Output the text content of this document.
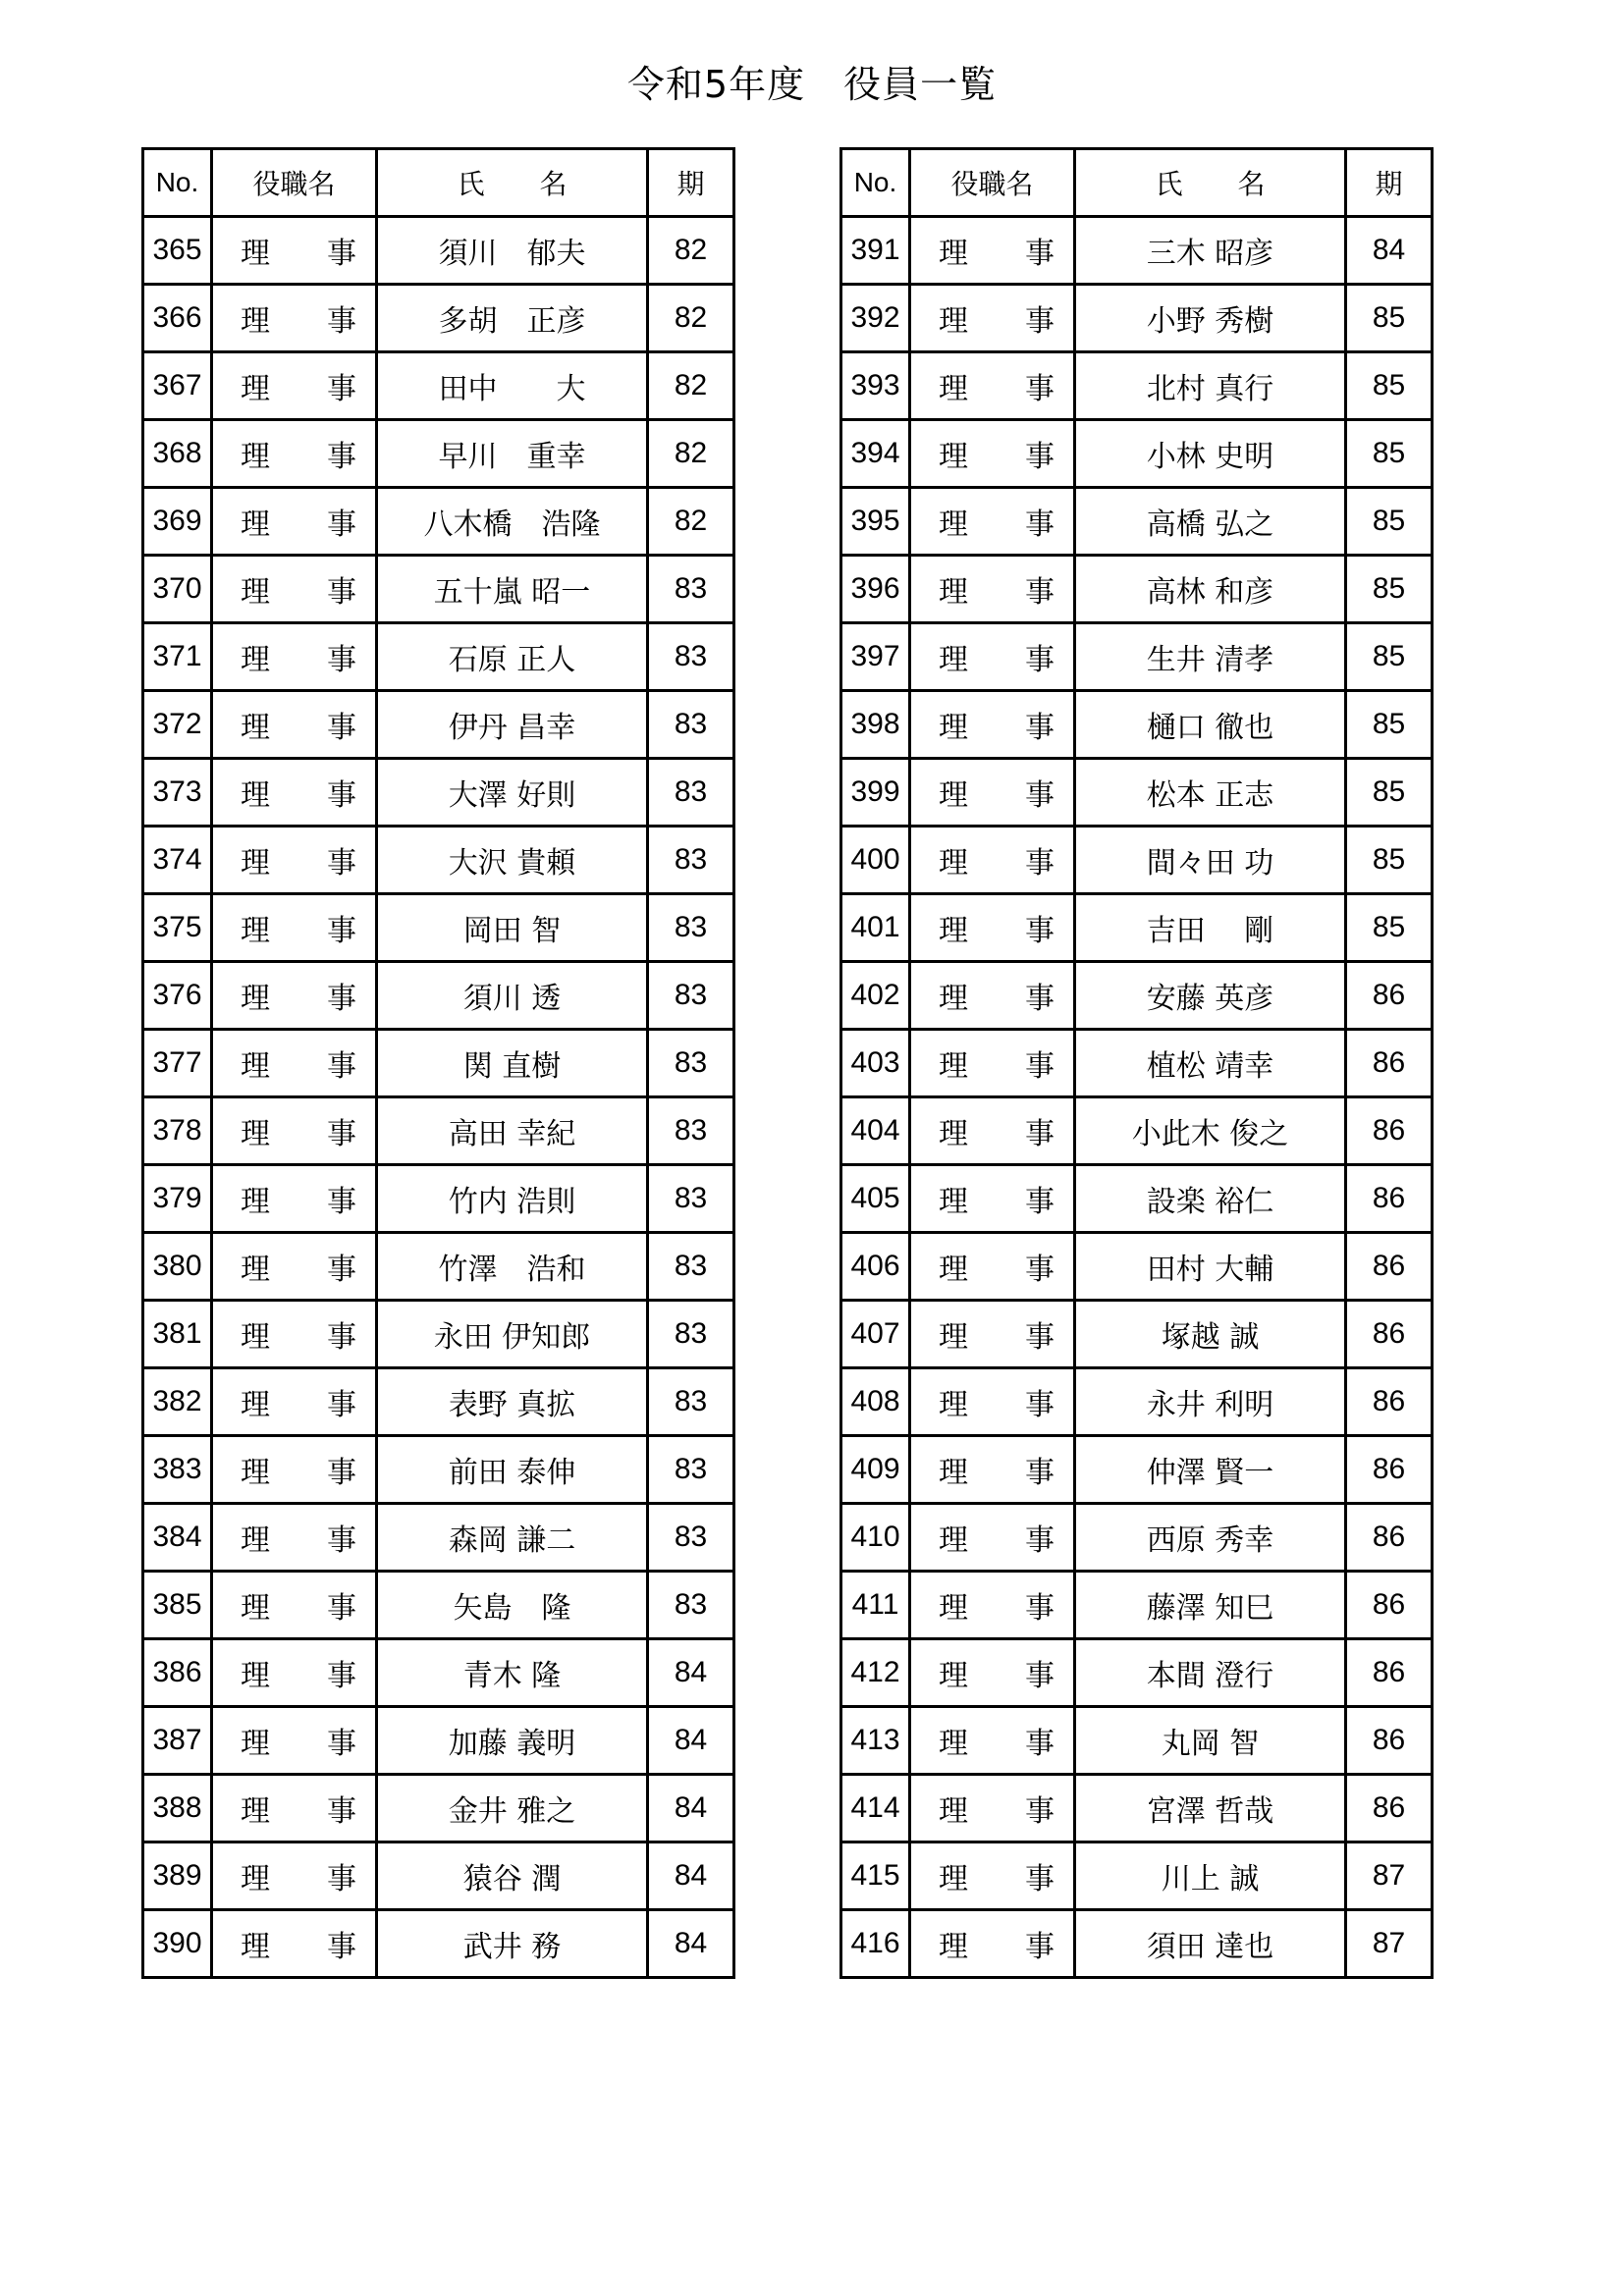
令和5年度　役員一覧
No.	役職名	氏　　名	期
365	理 事	須川　郁夫	82
366	理 事	多胡　正彦	82
367	理 事	田中　　大	82
368	理 事	早川　重幸	82
369	理 事	八木橋　浩隆	82
370	理 事	五十嵐 昭一	83
371	理 事	石原 正人	83
372	理 事	伊丹 昌幸	83
373	理 事	大澤 好則	83
374	理 事	大沢 貴頼	83
375	理 事	岡田 智	83
376	理 事	須川 透	83
377	理 事	関 直樹	83
378	理 事	高田 幸紀	83
379	理 事	竹内 浩則	83
380	理 事	竹澤　浩和	83
381	理 事	永田 伊知郎	83
382	理 事	表野 真拡	83
383	理 事	前田 泰伸	83
384	理 事	森岡 謙二	83
385	理 事	矢島　隆	83
386	理 事	青木 隆	84
387	理 事	加藤 義明	84
388	理 事	金井 雅之	84
389	理 事	猿谷 潤	84
390	理 事	武井 務	84
No.	役職名	氏　　名	期
391	理 事	三木 昭彦	84
392	理 事	小野 秀樹	85
393	理 事	北村 真行	85
394	理 事	小林 史明	85
395	理 事	高橋 弘之	85
396	理 事	高林 和彦	85
397	理 事	生井 清孝	85
398	理 事	樋口 徹也	85
399	理 事	松本 正志	85
400	理 事	間々田 功	85
401	理 事	吉田　 剛	85
402	理 事	安藤 英彦	86
403	理 事	植松 靖幸	86
404	理 事	小此木 俊之	86
405	理 事	設楽 裕仁	86
406	理 事	田村 大輔	86
407	理 事	塚越 誠	86
408	理 事	永井 利明	86
409	理 事	仲澤 賢一	86
410	理 事	西原 秀幸	86
411	理 事	藤澤 知巳	86
412	理 事	本間 澄行	86
413	理 事	丸岡 智	86
414	理 事	宮澤 哲哉	86
415	理 事	川上 誠	87
416	理 事	須田 達也	87
